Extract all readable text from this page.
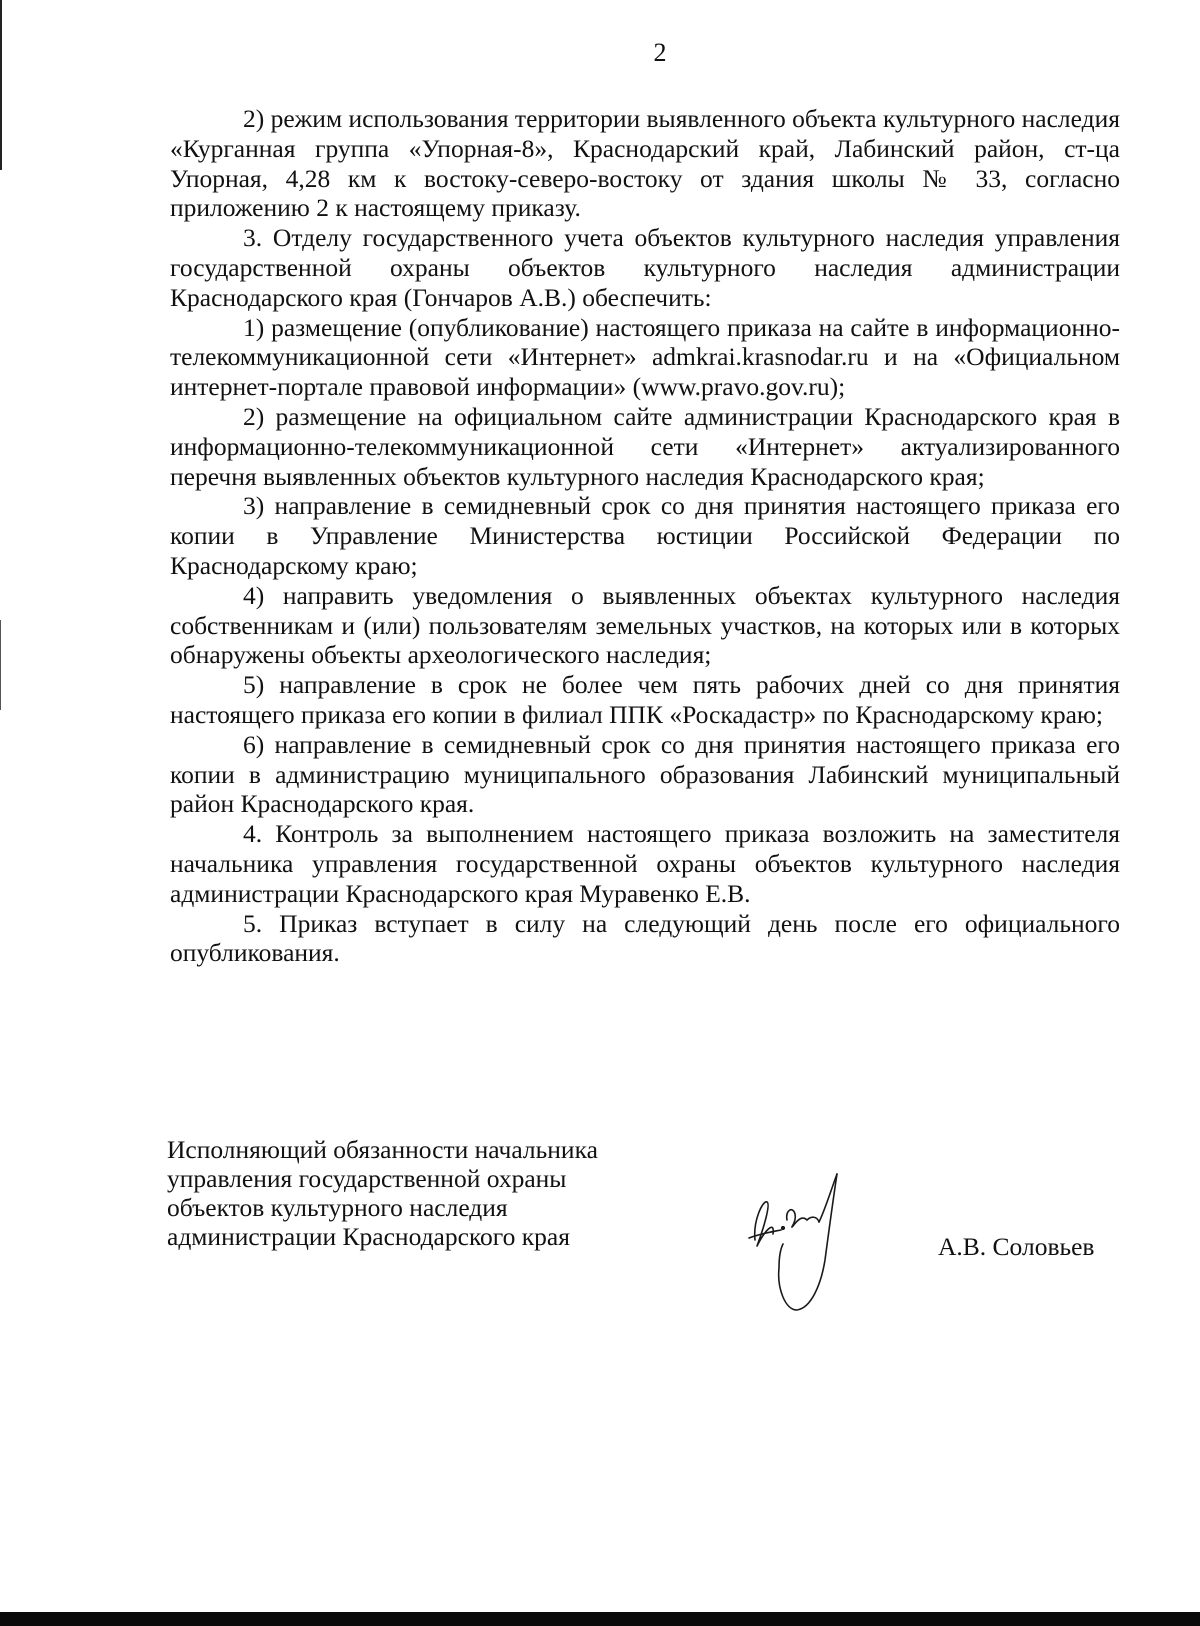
2

2) режим использования территории выявленного объекта культурного наследия «Курганная группа «Упорная-8», Краснодарский край, Лабинский район, ст-ца Упорная, 4,28 км к востоку-северо-востоку от здания школы № 33, согласно приложению 2 к настоящему приказу.

3. Отделу государственного учета объектов культурного наследия управления государственной охраны объектов культурного наследия администрации Краснодарского края (Гончаров А.В.) обеспечить:

1) размещение (опубликование) настоящего приказа на сайте в информационно-телекоммуникационной сети «Интернет» admkrai.krasnodar.ru и на «Официальном интернет-портале правовой информации» (www.pravo.gov.ru);

2) размещение на официальном сайте администрации Краснодарского края в информационно-телекоммуникационной сети «Интернет» актуализированного перечня выявленных объектов культурного наследия Краснодарского края;

3) направление в семидневный срок со дня принятия настоящего приказа его копии в Управление Министерства юстиции Российской Федерации по Краснодарскому краю;

4) направить уведомления о выявленных объектах культурного наследия собственникам и (или) пользователям земельных участков, на которых или в которых обнаружены объекты археологического наследия;

5) направление в срок не более чем пять рабочих дней со дня принятия настоящего приказа его копии в филиал ППК «Роскадастр» по Краснодарскому краю;

6) направление в семидневный срок со дня принятия настоящего приказа его копии в администрацию муниципального образования Лабинский муниципальный район Краснодарского края.

4. Контроль за выполнением настоящего приказа возложить на заместителя начальника управления государственной охраны объектов культурного наследия администрации Краснодарского края Муравенко Е.В.

5. Приказ вступает в силу на следующий день после его официального опубликования.

Исполняющий обязанности начальника
управления государственной охраны
объектов культурного наследия
администрации Краснодарского края	А.В. Соловьев
